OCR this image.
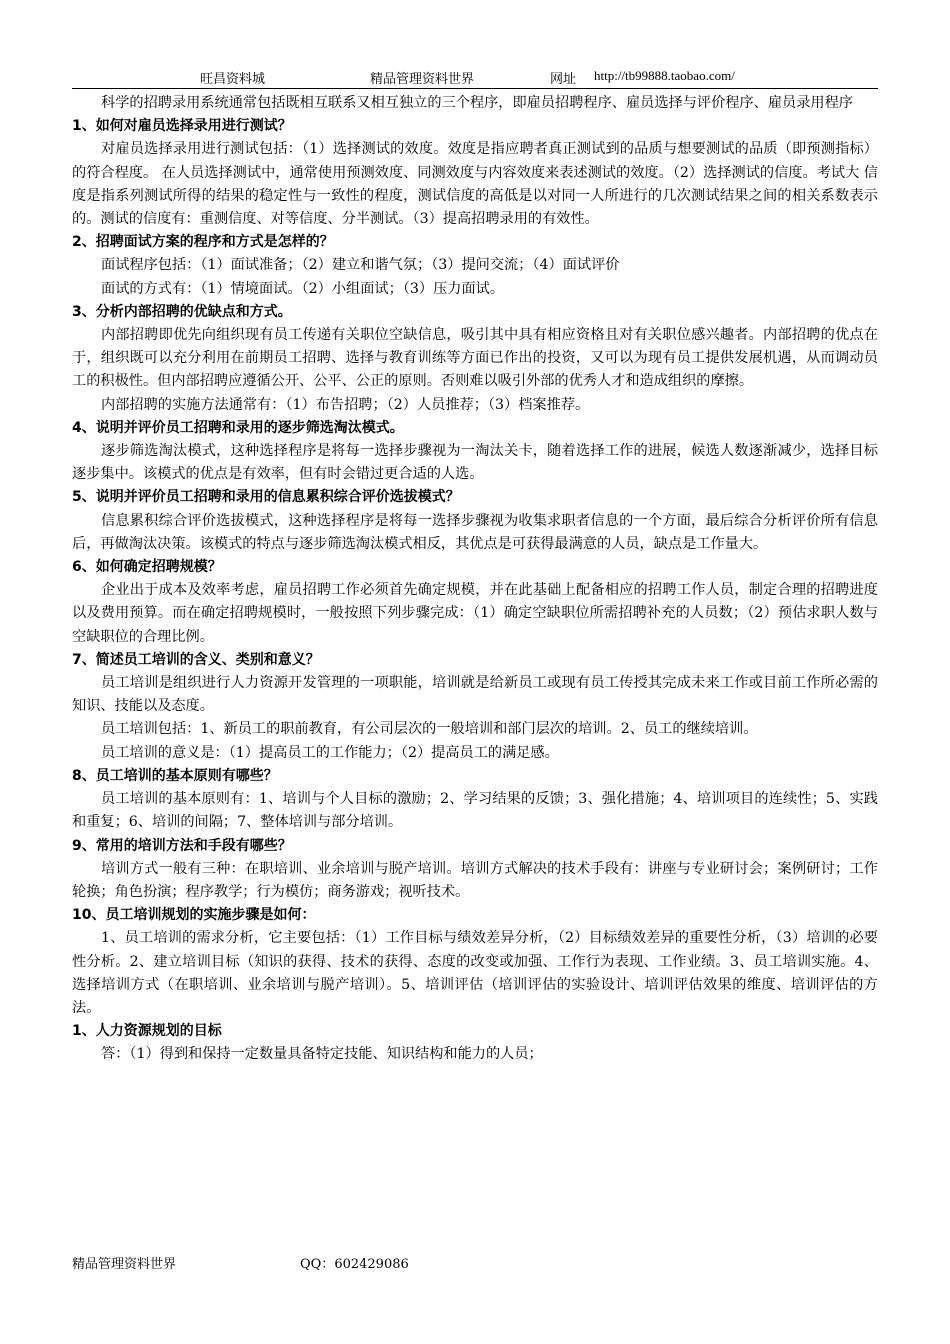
旺昌资料城	精品管理资料世界	网址 http://tb99888.taobao.com/

科学的招聘录用系统通常包括既相互联系又相互独立的三个程序，即雇员招聘程序、雇员选择与评价程序、雇员录用程序

1、如何对雇员选择录用进行测试？

对雇员选择录用进行测试包括：（1）选择测试的效度。效度是指应聘者真正测试到的品质与想要测试的品质（即预测指标）的符合程度。 在人员选择测试中，通常使用预测效度、同测效度与内容效度来表述测试的效度。（2）选择测试的信度。考试大 信度是指系列测试所得的结果的稳定性与一致性的程度，测试信度的高低是以对同一人所进行的几次测试结果之间的相关系数表示的。测试的信度有：重测信度、对等信度、分半测试。（3）提高招聘录用的有效性。

2、招聘面试方案的程序和方式是怎样的？

面试程序包括：（1）面试准备；（2）建立和谐气氛；（3）提问交流；（4）面试评价

面试的方式有：（1）情境面试。（2）小组面试；（3）压力面试。

3、分析内部招聘的优缺点和方式。

内部招聘即优先向组织现有员工传递有关职位空缺信息，吸引其中具有相应资格且对有关职位感兴趣者。内部招聘的优点在于，组织既可以充分利用在前期员工招聘、选择与教育训练等方面已作出的投资，又可以为现有员工提供发展机遇，从而调动员工的积极性。但内部招聘应遵循公开、公平、公正的原则。否则难以吸引外部的优秀人才和造成组织的摩擦。

内部招聘的实施方法通常有：（1）布告招聘；（2）人员推荐；（3）档案推荐。

4、说明并评价员工招聘和录用的逐步筛选淘汰模式。

逐步筛选淘汰模式，这种选择程序是将每一选择步骤视为一淘汰关卡，随着选择工作的进展，候选人数逐渐减少，选择目标逐步集中。该模式的优点是有效率，但有时会错过更合适的人选。

5、说明并评价员工招聘和录用的信息累积综合评价选拔模式？

信息累积综合评价选拔模式，这种选择程序是将每一选择步骤视为收集求职者信息的一个方面，最后综合分析评价所有信息后，再做淘汰决策。该模式的特点与逐步筛选淘汰模式相反，其优点是可获得最满意的人员，缺点是工作量大。

6、如何确定招聘规模？

企业出于成本及效率考虑，雇员招聘工作必须首先确定规模，并在此基础上配备相应的招聘工作人员，制定合理的招聘进度以及费用预算。而在确定招聘规模时，一般按照下列步骤完成：（1）确定空缺职位所需招聘补充的人员数；（2）预估求职人数与空缺职位的合理比例。

7、简述员工培训的含义、类别和意义？

员工培训是组织进行人力资源开发管理的一项职能，培训就是给新员工或现有员工传授其完成未来工作或目前工作所必需的知识、技能以及态度。

员工培训包括：1、新员工的职前教育，有公司层次的一般培训和部门层次的培训。2、员工的继续培训。

员工培训的意义是：（1）提高员工的工作能力；（2）提高员工的满足感。

8、员工培训的基本原则有哪些？

员工培训的基本原则有：1、培训与个人目标的激励；2、学习结果的反馈；3、强化措施；4、培训项目的连续性；5、实践和重复；6、培训的间隔；7、整体培训与部分培训。

9、常用的培训方法和手段有哪些？

培训方式一般有三种：在职培训、业余培训与脱产培训。培训方式解决的技术手段有：讲座与专业研讨会；案例研讨；工作轮换；角色扮演；程序教学；行为模仿；商务游戏；视听技术。

10、员工培训规划的实施步骤是如何：

1、员工培训的需求分析，它主要包括：（1）工作目标与绩效差异分析，（2）目标绩效差异的重要性分析，（3）培训的必要性分析。2、建立培训目标（知识的获得、技术的获得、态度的改变或加强、工作行为表现、工作业绩。3、员工培训实施。4、选择培训方式（在职培训、业余培训与脱产培训）。5、培训评估（培训评估的实验设计、培训评估效果的维度、培训评估的方法。

1、人力资源规划的目标

答：（1）得到和保持一定数量具备特定技能、知识结构和能力的人员；

精品管理资料世界	QQ：602429086
